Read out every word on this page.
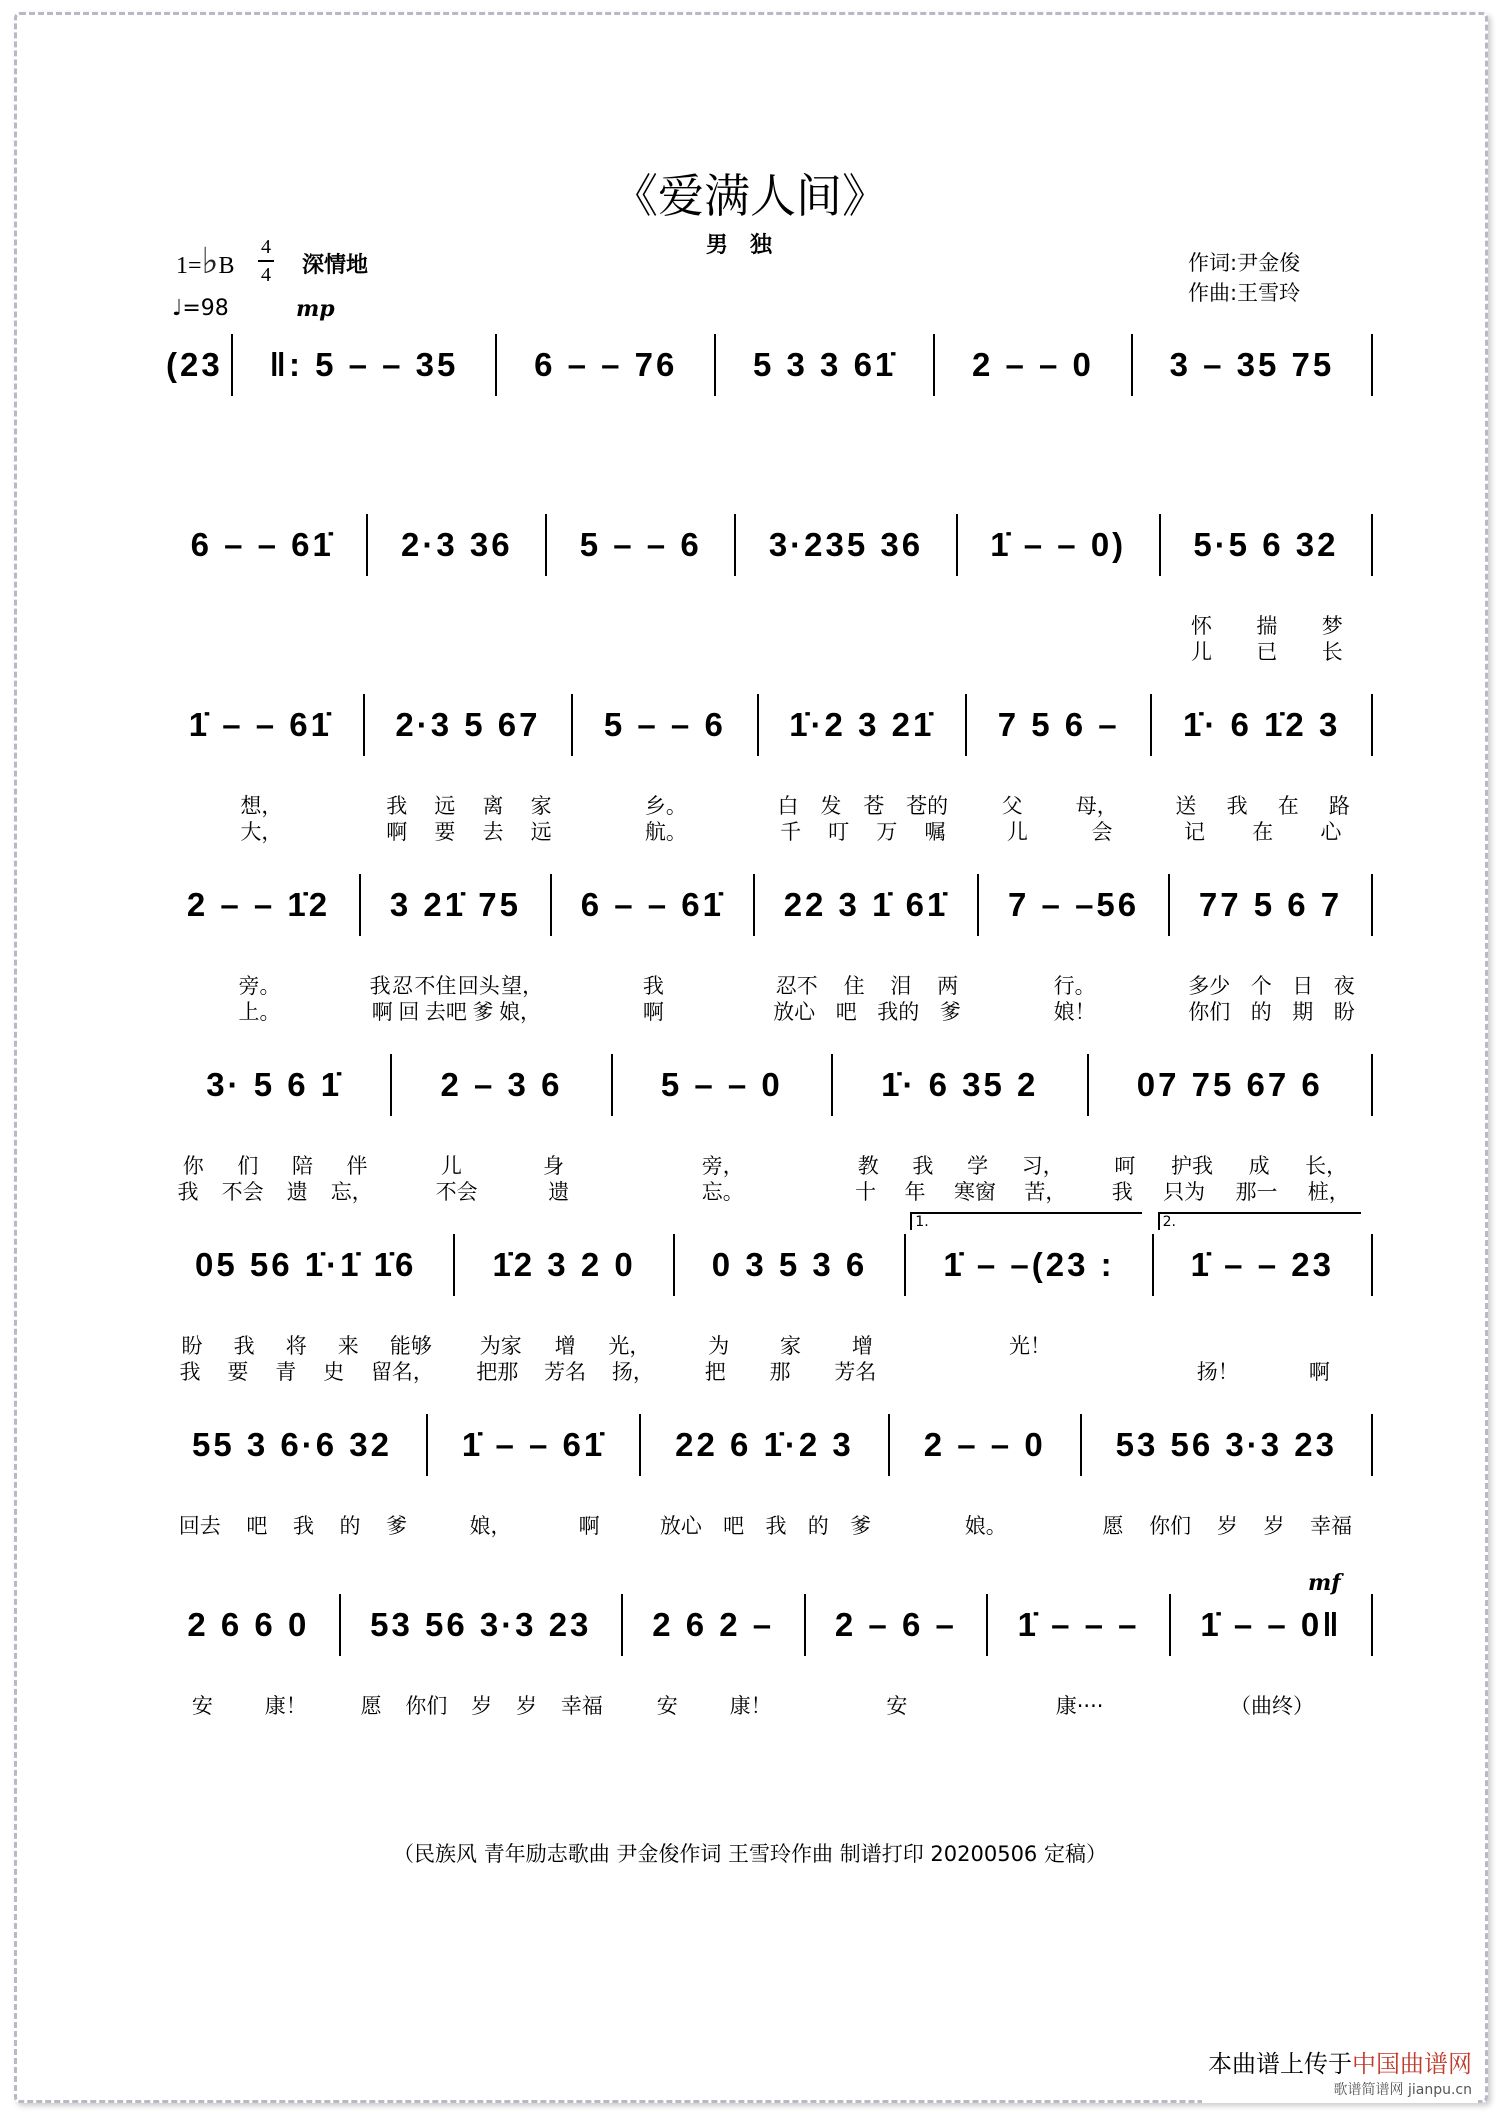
《爱满人间》
男独
1=♭B
4
4 深情地
♩=98	mp
mf
作词:尹金俊
作曲:王雪玲
(23	‖: 5 – – 35	6 – – 76	5 3 3 61̇	2 – – 0	3 – 35 75
6 – – 61̇	2·3 36	5 – – 6	3·235 36	1̇ – – 0)	5·5 6 32
怀 揣 梦
儿 已 长
1̇ – – 61̇	2·3 5 67	5 – – 6	1̇·2 3 21̇	7 5 6 –	1̇· 6 1̇2 3
想，
大，
我 远 离 家
啊 要 去 远
乡。
航。
白 发 苍 苍的
千 叮 万 嘱
父	母，
儿	会
送 我 在 路
记 在 心
2 – – 1̇2	3 21̇ 75	6 – – 61̇	22 3 1̇ 61̇	7 – –56	77 5 6 7
旁。
上。
我 忍 不住 回头 望，
啊 回 去吧 爹 娘，
我
啊
忍不 住 泪 两
放心 吧 我的 爹
行。
娘！
多少 个 日 夜
你们 的 期 盼
3· 5 6 1̇	2 – 3 6	5 – – 0	1̇· 6 35 2	07 75 67 6
你 们 陪 伴
我 不会 遗 忘，
儿	身
不会	遗
旁，
忘。
教 我 学 习，
十 年 寒窗 苦，
呵 护我 成 长，
我 只为 那一 桩，
05 56 1̇·1̇ 1̇6	1̇2 3 2 0	0 3 5 3 6	1̇ – –(23 :
1.
1̇ – – 23
2.
盼 我 将 来 能够
我 要 青 史 留名，
为家 增 光，
把那 芳名 扬，
为 家 增
把 那 芳名
光！
扬！	啊
55 3 6·6 32	1̇ – – 61̇	22 6 1̇·2 3	2 – – 0	53 56 3·3 23
回去 吧 我 的 爹	娘，	啊	放心 吧 我 的 爹	娘。	愿 你们 岁 岁 幸福
2 6 6 0	53 56 3·3 23	2 6 2 –	2 – 6 –	1̇ – – –	1̇ – – 0‖
安 康！	愿 你们 岁 岁 幸福	安 康！	安	康····	（曲终）
（民族风 青年励志歌曲 尹金俊作词 王雪玲作曲 制谱打印 20200506 定稿）
本曲谱上传于中国曲谱网
歌谱简谱网 jianpu.cn
